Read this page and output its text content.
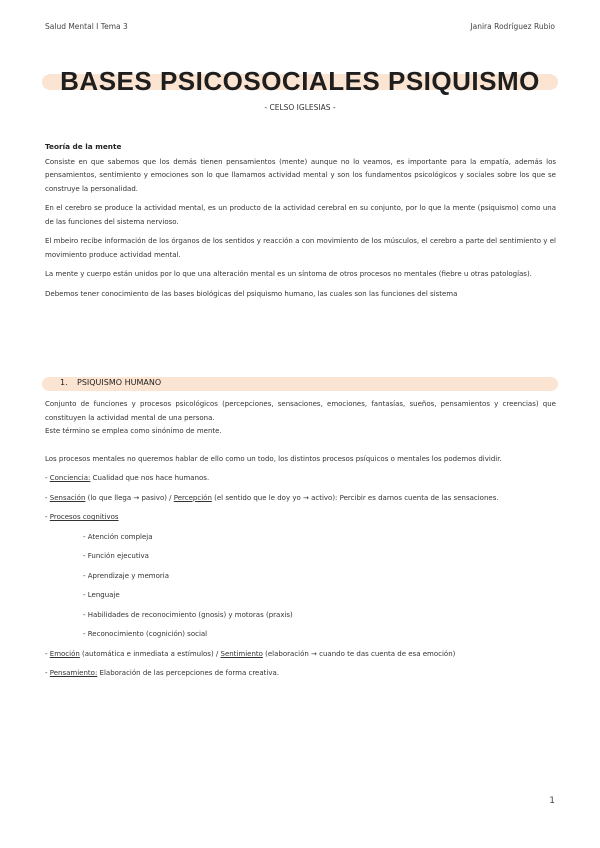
Salud Mental I Tema 3	Janira Rodríguez Rubio
BASES PSICOSOCIALES PSIQUISMO
- CELSO IGLESIAS -
Teoría de la mente

Consiste en que sabemos que los demás tienen pensamientos (mente) aunque no lo veamos, es importante para la empatía, además los pensamientos, sentimiento y emociones son lo que llamamos actividad mental y son los fundamentos psicológicos y sociales sobre los que se construye la personalidad.

En el cerebro se produce la actividad mental, es un producto de la actividad cerebral en su conjunto, por lo que la mente (psiquismo) como una de las funciones del sistema nervioso.

El mbeiro recibe información de los órganos de los sentidos y reacción a con movimiento de los músculos, el cerebro a parte del sentimiento y el movimiento produce actividad mental.

La mente y cuerpo están unidos por lo que una alteración mental es un síntoma de otros procesos no mentales (fiebre u otras patologías).

Debemos tener conocimiento de las bases biológicas del psiquismo humano, las cuales son las funciones del sistema

1. PSIQUISMO HUMANO

Conjunto de funciones y procesos psicológicos (percepciones, sensaciones, emociones, fantasías, sueños, pensamientos y creencias) que constituyen la actividad mental de una persona.

Este término se emplea como sinónimo de mente.

Los procesos mentales no queremos hablar de ello como un todo, los distintos procesos psíquicos o mentales los podemos dividir.

- Conciencia: Cualidad que nos hace humanos.

- Sensación (lo que llega → pasivo) / Percepción (el sentido que le doy yo → activo): Percibir es darnos cuenta de las sensaciones.

- Procesos cognitivos

- Atención compleja
- Función ejecutiva
- Aprendizaje y memoria
- Lenguaje
- Habilidades de reconocimiento (gnosis) y motoras (praxis)
- Reconocimiento (cognición) social

- Emoción (automática e inmediata a estímulos) / Sentimiento (elaboración → cuando te das cuenta de esa emoción)

- Pensamiento: Elaboración de las percepciones de forma creativa.

1
